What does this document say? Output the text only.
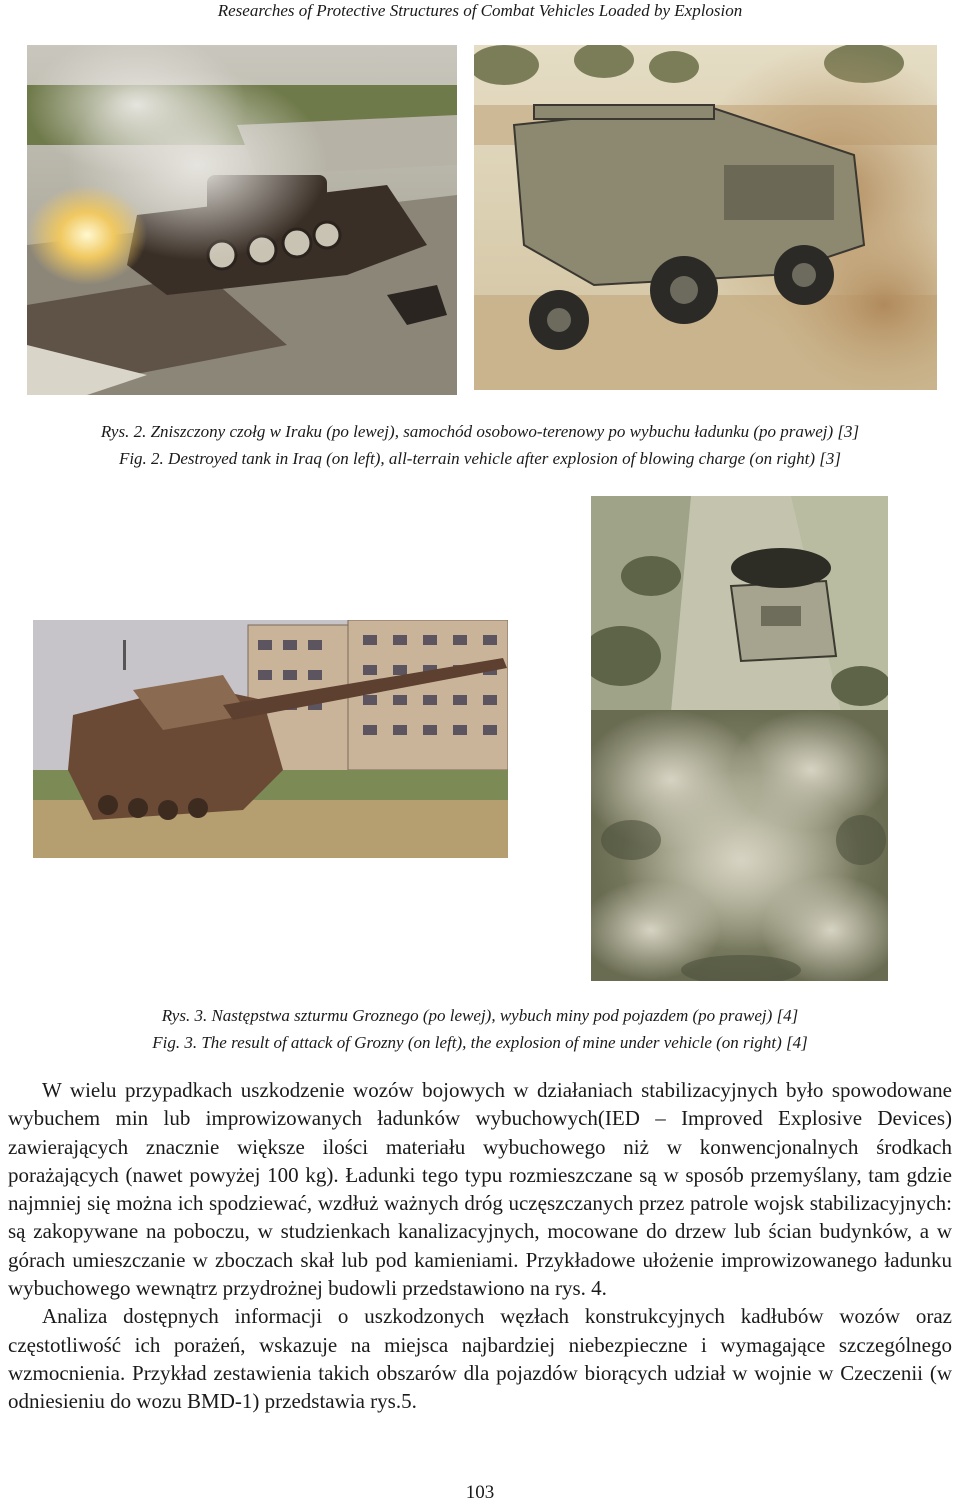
Researches of Protective Structures of Combat Vehicles Loaded by Explosion
Rys. 2. Zniszczony czołg w Iraku (po lewej), samochód osobowo-terenowy po wybuchu ładunku (po prawej) [3]
Fig. 2. Destroyed tank in Iraq (on left), all-terrain vehicle after explosion of blowing charge (on right) [3]
Rys. 3. Następstwa szturmu Groznego (po lewej), wybuch miny pod pojazdem (po prawej) [4]
Fig. 3. The result of attack of Grozny (on left), the explosion of mine under vehicle (on right) [4]

W wielu przypadkach uszkodzenie wozów bojowych w działaniach stabilizacyjnych było spowodowane wybuchem min lub improwizowanych ładunków wybuchowych(IED – Improved Explosive Devices) zawierających znacznie większe ilości materiału wybuchowego niż w konwencjonalnych środkach porażających (nawet powyżej 100 kg). Ładunki tego typu rozmieszczane są w sposób przemyślany, tam gdzie najmniej się można ich spodziewać, wzdłuż ważnych dróg uczęszczanych przez patrole wojsk stabilizacyjnych: są zakopywane na poboczu, w studzienkach kanalizacyjnych, mocowane do drzew lub ścian budynków, a w górach umieszczanie w zboczach skał lub pod kamieniami. Przykładowe ułożenie improwizowanego ładunku wybuchowego wewnątrz przydrożnej budowli przedstawiono na rys. 4.

Analiza dostępnych informacji o uszkodzonych węzłach konstrukcyjnych kadłubów wozów oraz częstotliwość ich porażeń, wskazuje na miejsca najbardziej niebezpieczne i wymagające szczególnego wzmocnienia. Przykład zestawienia takich obszarów dla pojazdów biorących udział w wojnie w Czeczenii (w odniesieniu do wozu BMD-1) przedstawia rys.5.

103
